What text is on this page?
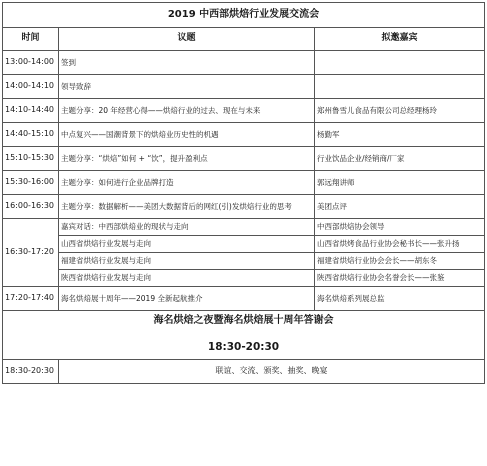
2019 中西部烘焙行业发展交流会		
时间	议题	拟邀嘉宾
13:00-14:00	签到	
14:00-14:10	领导致辞	
14:10-14:40	主题分享：20 年经营心得——烘焙行业的过去、现在与未来	郑州鲁雪儿食品有限公司总经理杨玲
14:40-15:10	中点复兴——国潮背景下的烘焙业历史性的机遇	杨勤军
15:10-15:30	主题分享：“烘焙”如何 + “饮”，提升盈利点	行业饮品企业/经销商/厂家
15:30-16:00	主题分享：如何进行企业品牌打造	郭远翔讲师
16:00-16:30	主题分享：数据解析——美团大数据背后的网红(引)发烘焙行业的思考	美团点评
16:30-17:20	嘉宾对话：中西部烘焙业的现状与走向	中西部烘焙协会领导
	山西省烘焙行业发展与走向	山西省烘烤食品行业协会秘书长——张升扬
	福建省烘焙行业发展与走向	福建省烘焙行业协会会长——胡东冬
	陕西省烘焙行业发展与走向	陕西省烘焙行业协会名誉会长——张鉴
17:20-17:40	海名烘焙展十周年——2019 全新起航推介	海名烘焙系列展总监
海名烘焙之夜暨海名烘焙展十周年答谢会		

18:30-20:30		
18:30-20:30	联谊、交流、颁奖、抽奖、晚宴	
